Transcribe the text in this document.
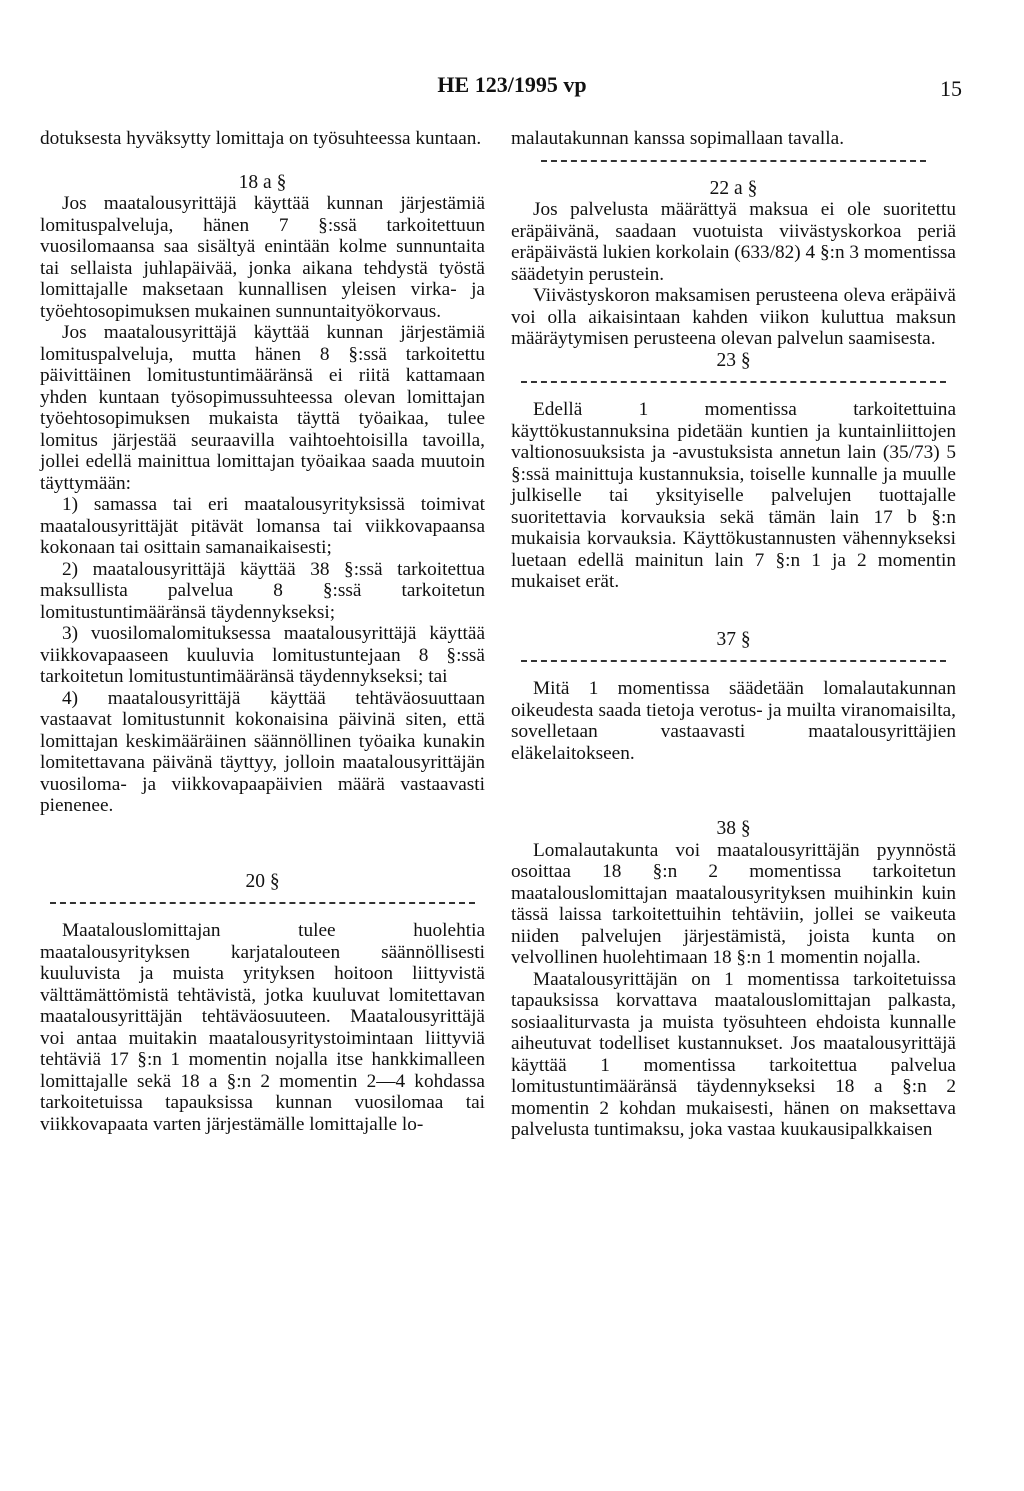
HE 123/1995 vp	15

dotuksesta hyväksytty lomittaja on työsuhteessa kuntaan.

18 a §

Jos maatalousyrittäjä käyttää kunnan järjestämiä lomituspalveluja, hänen 7 §:ssä tarkoitettuun vuosilomaansa saa sisältyä enintään kolme sunnuntaita tai sellaista juhlapäivää, jonka aikana tehdystä työstä lomittajalle maksetaan kunnallisen yleisen virka- ja työehtosopimuksen mukainen sunnuntaityökorvaus.

Jos maatalousyrittäjä käyttää kunnan järjestämiä lomituspalveluja, mutta hänen 8 §:ssä tarkoitettu päivittäinen lomitustuntimääränsä ei riitä kattamaan yhden kuntaan työsopimussuhteessa olevan lomittajan työehtosopimuksen mukaista täyttä työaikaa, tulee lomitus järjestää seuraavilla vaihtoehtoisilla tavoilla, jollei edellä mainittua lomittajan työaikaa saada muutoin täyttymään:

1) samassa tai eri maatalousyrityksissä toimivat maatalousyrittäjät pitävät lomansa tai viikkovapaansa kokonaan tai osittain samanaikaisesti;

2) maatalousyrittäjä käyttää 38 §:ssä tarkoitettua maksullista palvelua 8 §:ssä tarkoitetun lomitustuntimääränsä täydennykseksi;

3) vuosilomalomituksessa maatalousyrittäjä käyttää viikkovapaaseen kuuluvia lomitustuntejaan 8 §:ssä tarkoitetun lomitustuntimääränsä täydennykseksi; tai

4) maatalousyrittäjä käyttää tehtäväosuuttaan vastaavat lomitustunnit kokonaisina päivinä siten, että lomittajan keskimääräinen säännöllinen työaika kunakin lomitettavana päivänä täyttyy, jolloin maatalousyrittäjän vuosiloma- ja viikkovapaapäivien määrä vastaavasti pienenee.

20 §

Maatalouslomittajan tulee huolehtia maatalousyrityksen karjatalouteen säännöllisesti kuuluvista ja muista yrityksen hoitoon liittyvistä välttämättömistä tehtävistä, jotka kuuluvat lomitettavan maatalousyrittäjän tehtäväosuuteen. Maatalousyrittäjä voi antaa muitakin maatalousyritystoimintaan liittyviä tehtäviä 17 §:n 1 momentin nojalla itse hankkimalleen lomittajalle sekä 18 a §:n 2 momentin 2—4 kohdassa tarkoitetuissa tapauksissa kunnan vuosilomaa tai viikkovapaata varten järjestämälle lomittajalle lo-

malautakunnan kanssa sopimallaan tavalla.

22 a §

Jos palvelusta määrättyä maksua ei ole suoritettu eräpäivänä, saadaan vuotuista viivästyskorkoa periä eräpäivästä lukien korkolain (633/82) 4 §:n 3 momentissa säädetyin perustein.

Viivästyskoron maksamisen perusteena oleva eräpäivä voi olla aikaisintaan kahden viikon kuluttua maksun määräytymisen perusteena olevan palvelun saamisesta.

23 §

Edellä 1 momentissa tarkoitettuina käyttökustannuksina pidetään kuntien ja kuntainliittojen valtionosuuksista ja -avustuksista annetun lain (35/73) 5 §:ssä mainittuja kustannuksia, toiselle kunnalle ja muulle julkiselle tai yksityiselle palvelujen tuottajalle suoritettavia korvauksia sekä tämän lain 17 b §:n mukaisia korvauksia. Käyttökustannusten vähennykseksi luetaan edellä mainitun lain 7 §:n 1 ja 2 momentin mukaiset erät.

37 §

Mitä 1 momentissa säädetään lomalautakunnan oikeudesta saada tietoja verotus- ja muilta viranomaisilta, sovelletaan vastaavasti maatalousyrittäjien eläkelaitokseen.

38 §

Lomalautakunta voi maatalousyrittäjän pyynnöstä osoittaa 18 §:n 2 momentissa tarkoitetun maatalouslomittajan maatalousyrityksen muihinkin kuin tässä laissa tarkoitettuihin tehtäviin, jollei se vaikeuta niiden palvelujen järjestämistä, joista kunta on velvollinen huolehtimaan 18 §:n 1 momentin nojalla.

Maatalousyrittäjän on 1 momentissa tarkoitetuissa tapauksissa korvattava maatalouslomittajan palkasta, sosiaaliturvasta ja muista työsuhteen ehdoista kunnalle aiheutuvat todelliset kustannukset. Jos maatalousyrittäjä käyttää 1 momentissa tarkoitettua palvelua lomitustuntimääränsä täydennykseksi 18 a §:n 2 momentin 2 kohdan mukaisesti, hänen on maksettava palvelusta tuntimaksu, joka vastaa kuukausipalkkaisen
